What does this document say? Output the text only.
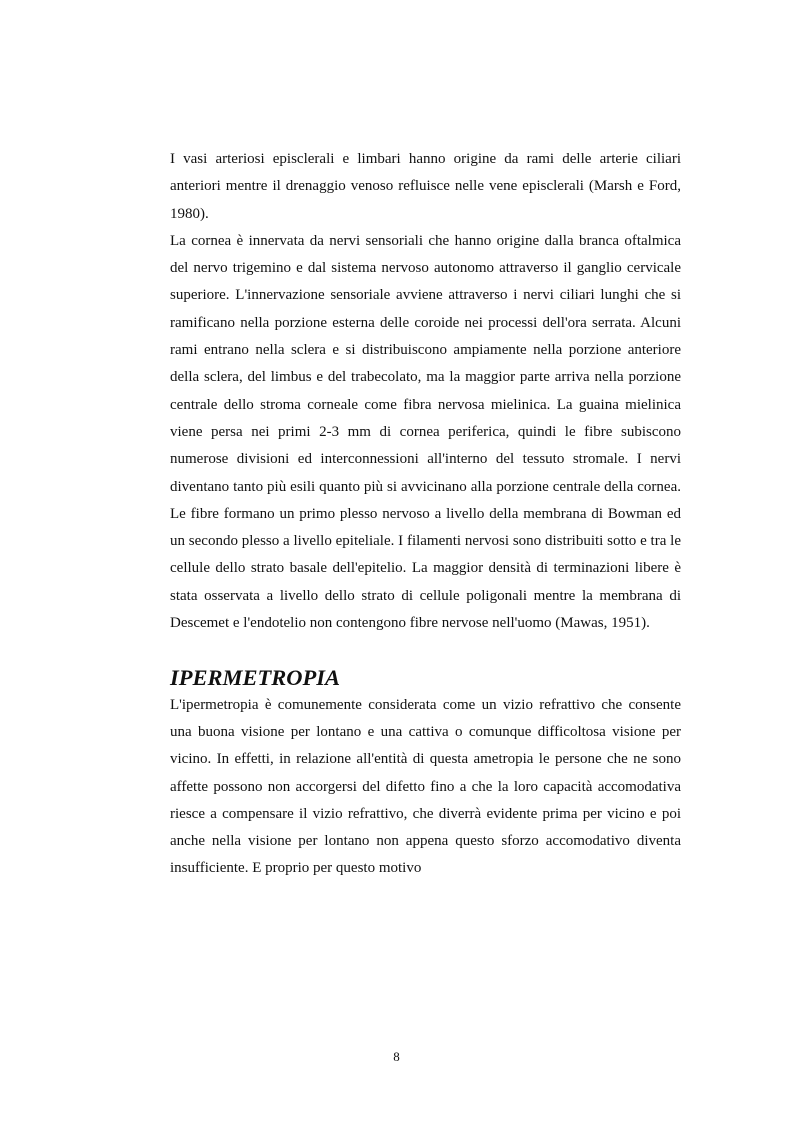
I vasi arteriosi episclerali e limbari hanno origine da rami delle arterie ciliari anteriori mentre il drenaggio venoso refluisce nelle vene episclerali (Marsh e Ford, 1980).

La cornea è innervata da nervi sensoriali che hanno origine dalla branca oftalmica del nervo trigemino e dal sistema nervoso autonomo attraverso il ganglio cervicale superiore. L'innervazione sensoriale avviene attraverso i nervi ciliari lunghi che si ramificano nella porzione esterna delle coroide nei processi dell'ora serrata. Alcuni rami entrano nella sclera e si distribuiscono ampiamente nella porzione anteriore della sclera, del limbus e del trabecolato, ma la maggior parte arriva nella porzione centrale dello stroma corneale come fibra nervosa mielinica. La guaina mielinica viene persa nei primi 2-3 mm di cornea periferica, quindi le fibre subiscono numerose divisioni ed interconnessioni all'interno del tessuto stromale. I nervi diventano tanto più esili quanto più si avvicinano alla porzione centrale della cornea. Le fibre formano un primo plesso nervoso a livello della membrana di Bowman ed un secondo plesso a livello epiteliale. I filamenti nervosi sono distribuiti sotto e tra le cellule dello strato basale dell'epitelio. La maggior densità di terminazioni libere è stata osservata a livello dello strato di cellule poligonali mentre la membrana di Descemet e l'endotelio non contengono fibre nervose nell'uomo (Mawas, 1951).

IPERMETROPIA

L'ipermetropia è comunemente considerata come un vizio refrattivo che consente una buona visione per lontano e una cattiva o comunque difficoltosa visione per vicino. In effetti, in relazione all'entità di questa ametropia le persone che ne sono affette possono non accorgersi del difetto fino a che la loro capacità accomodativa riesce a compensare il vizio refrattivo, che diverrà evidente prima per vicino e poi anche nella visione per lontano non appena questo sforzo accomodativo diventa insufficiente. E proprio per questo motivo

8
